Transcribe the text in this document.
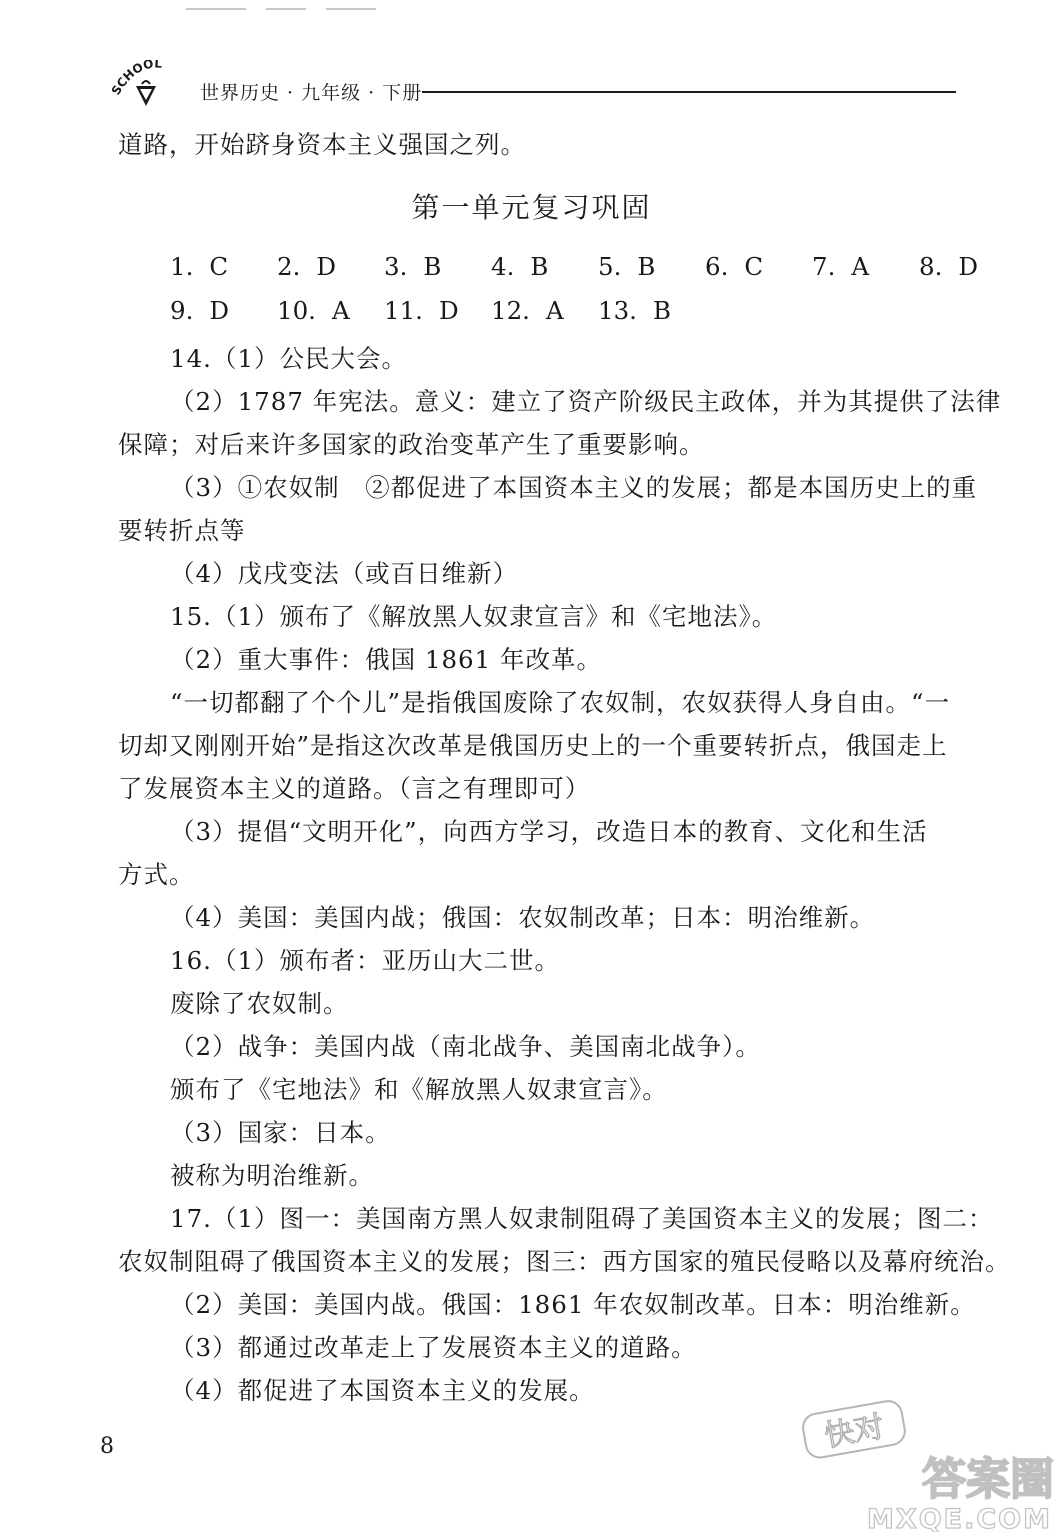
CHOOL
世界历史 · 九年级 · 下册
道路，开始跻身资本主义强国之列。
第一单元复习巩固
1. C 2. D 3. B 4. B 5. B 6. C 7. A 8. D
9. D 10. A 11. D 12. A 13. B
14.（1）公民大会。
（2）1787 年宪法。意义：建立了资产阶级民主政体，并为其提供了法律
保障；对后来许多国家的政治变革产生了重要影响。
（3）①农奴制　②都促进了本国资本主义的发展；都是本国历史上的重
要转折点等
（4）戊戌变法（或百日维新）
15.（1）颁布了《解放黑人奴隶宣言》和《宅地法》。
（2）重大事件：俄国 1861 年改革。
“一切都翻了个个儿”是指俄国废除了农奴制，农奴获得人身自由。“一
切却又刚刚开始”是指这次改革是俄国历史上的一个重要转折点，俄国走上
了发展资本主义的道路。（言之有理即可）
（3）提倡“文明开化”，向西方学习，改造日本的教育、文化和生活
方式。
（4）美国：美国内战；俄国：农奴制改革；日本：明治维新。
16.（1）颁布者：亚历山大二世。
废除了农奴制。
（2）战争：美国内战（南北战争、美国南北战争）。
颁布了《宅地法》和《解放黑人奴隶宣言》。
（3）国家：日本。
被称为明治维新。
17.（1）图一：美国南方黑人奴隶制阻碍了美国资本主义的发展；图二：
农奴制阻碍了俄国资本主义的发展；图三：西方国家的殖民侵略以及幕府统治。
（2）美国：美国内战。俄国：1861 年农奴制改革。日本：明治维新。
（3）都通过改革走上了发展资本主义的道路。
（4）都促进了本国资本主义的发展。
8	快对
答案圈
MXQE.COM
